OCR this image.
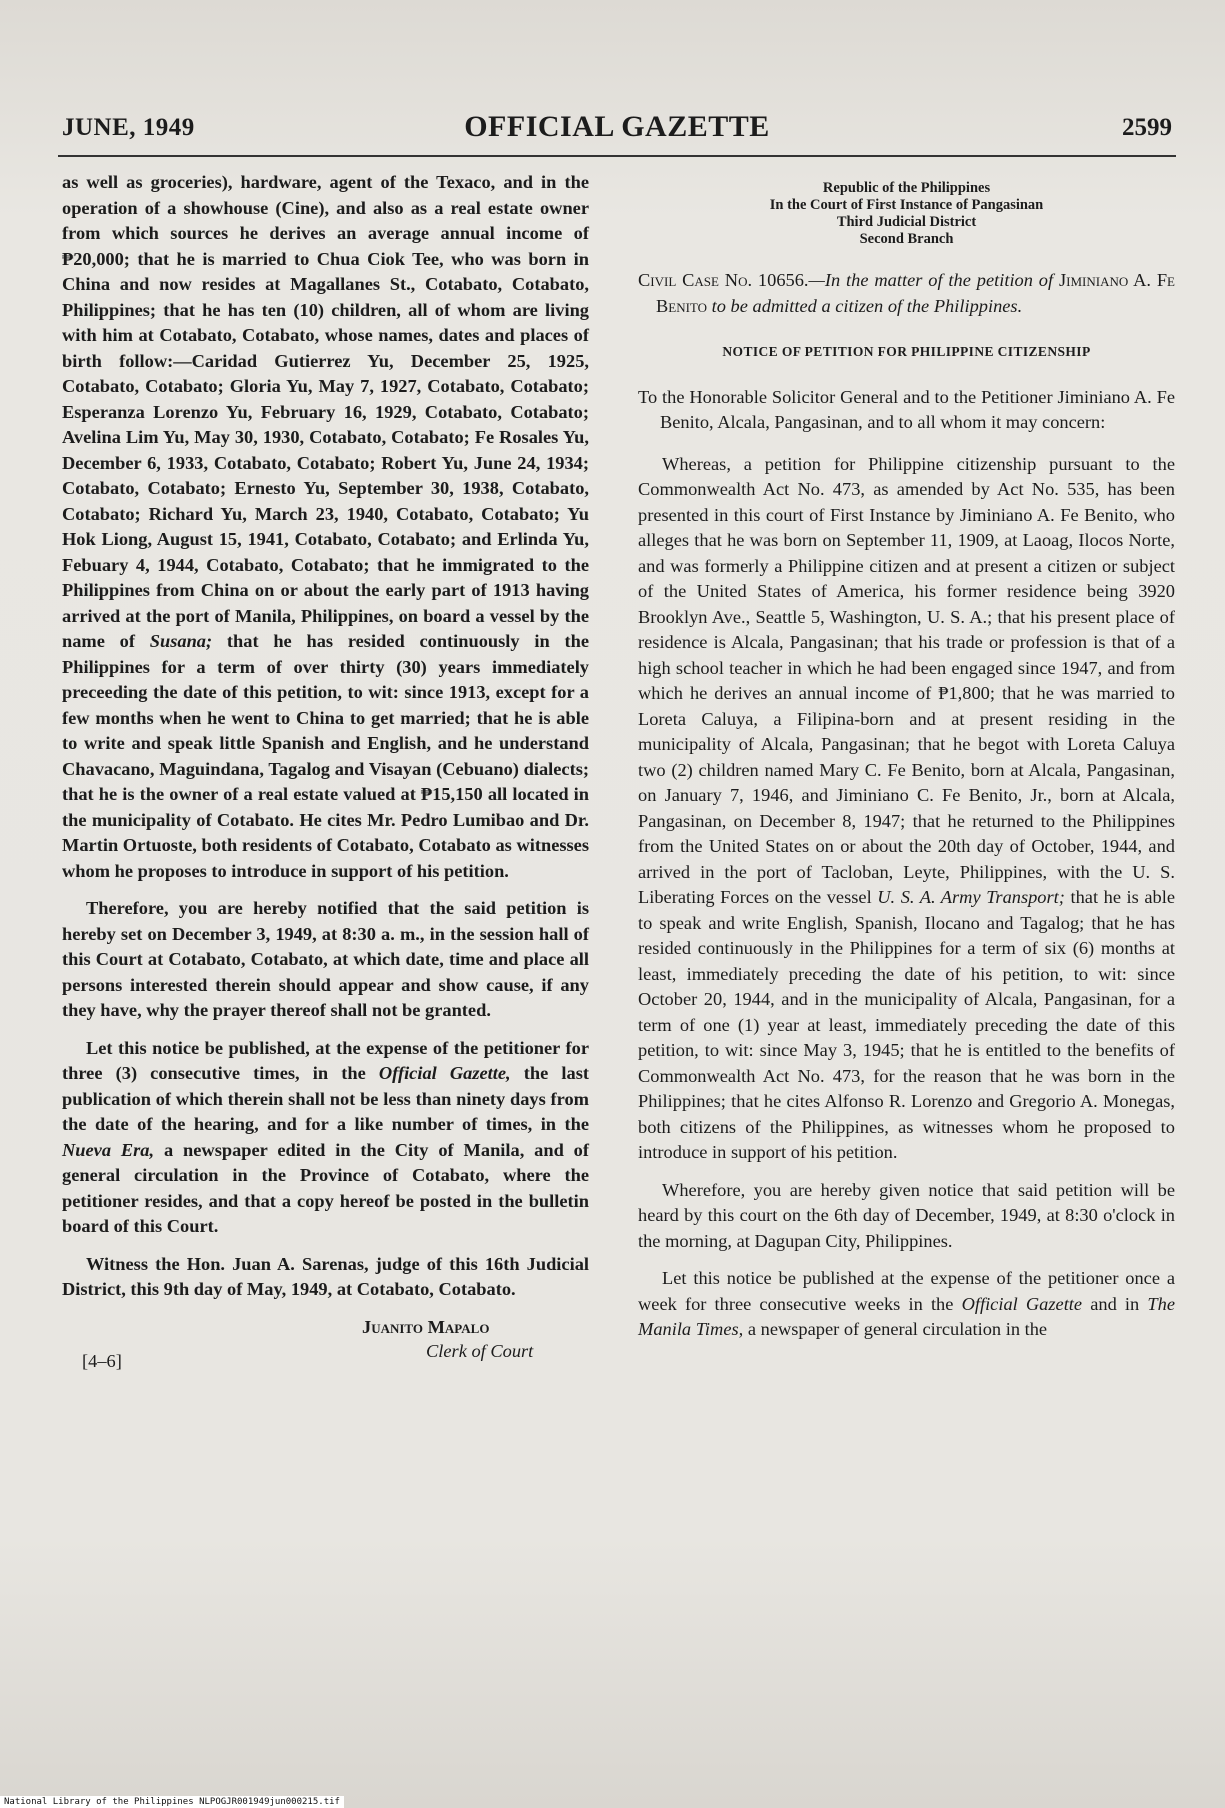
JUNE, 1949	OFFICIAL GAZETTE	2599

as well as groceries), hardware, agent of the Texaco, and in the operation of a showhouse (Cine), and also as a real estate owner from which sources he derives an average annual income of ₱20,000; that he is married to Chua Ciok Tee, who was born in China and now resides at Magallanes St., Cotabato, Cotabato, Philippines; that he has ten (10) children, all of whom are living with him at Cotabato, Cotabato, whose names, dates and places of birth follow:—Caridad Gutierrez Yu, December 25, 1925, Cotabato, Cotabato; Gloria Yu, May 7, 1927, Cotabato, Cotabato; Esperanza Lorenzo Yu, February 16, 1929, Cotabato, Cotabato; Avelina Lim Yu, May 30, 1930, Cotabato, Cotabato; Fe Rosales Yu, December 6, 1933, Cotabato, Cotabato; Robert Yu, June 24, 1934; Cotabato, Cotabato; Ernesto Yu, September 30, 1938, Cotabato, Cotabato; Richard Yu, March 23, 1940, Cotabato, Cotabato; Yu Hok Liong, August 15, 1941, Cotabato, Cotabato; and Erlinda Yu, Febuary 4, 1944, Cotabato, Cotabato; that he immigrated to the Philippines from China on or about the early part of 1913 having arrived at the port of Manila, Philippines, on board a vessel by the name of Susana; that he has resided continuously in the Philippines for a term of over thirty (30) years immediately preceeding the date of this petition, to wit: since 1913, except for a few months when he went to China to get married; that he is able to write and speak little Spanish and English, and he understand Chavacano, Maguindana, Tagalog and Visayan (Cebuano) dialects; that he is the owner of a real estate valued at ₱15,150 all located in the municipality of Cotabato. He cites Mr. Pedro Lumibao and Dr. Martin Ortuoste, both residents of Cotabato, Cotabato as witnesses whom he proposes to introduce in support of his petition.

Therefore, you are hereby notified that the said petition is hereby set on December 3, 1949, at 8:30 a. m., in the session hall of this Court at Cotabato, Cotabato, at which date, time and place all persons interested therein should appear and show cause, if any they have, why the prayer thereof shall not be granted.

Let this notice be published, at the expense of the petitioner for three (3) consecutive times, in the Official Gazette, the last publication of which therein shall not be less than ninety days from the date of the hearing, and for a like number of times, in the Nueva Era, a newspaper edited in the City of Manila, and of general circulation in the Province of Cotabato, where the petitioner resides, and that a copy hereof be posted in the bulletin board of this Court.

Witness the Hon. Juan A. Sarenas, judge of this 16th Judicial District, this 9th day of May, 1949, at Cotabato, Cotabato.

Juanito Mapalo
Clerk of Court
[4–6]
Republic of the Philippines
In the Court of First Instance of Pangasinan
Third Judicial District
Second Branch
Civil Case No. 10656.—In the matter of the petition of Jiminiano A. Fe Benito to be admitted a citizen of the Philippines.
NOTICE OF PETITION FOR PHILIPPINE CITIZENSHIP
To the Honorable Solicitor General and to the Petitioner Jiminiano A. Fe Benito, Alcala, Pangasinan, and to all whom it may concern:

Whereas, a petition for Philippine citizenship pursuant to the Commonwealth Act No. 473, as amended by Act No. 535, has been presented in this court of First Instance by Jiminiano A. Fe Benito, who alleges that he was born on September 11, 1909, at Laoag, Ilocos Norte, and was formerly a Philippine citizen and at present a citizen or subject of the United States of America, his former residence being 3920 Brooklyn Ave., Seattle 5, Washington, U. S. A.; that his present place of residence is Alcala, Pangasinan; that his trade or profession is that of a high school teacher in which he had been engaged since 1947, and from which he derives an annual income of ₱1,800; that he was married to Loreta Caluya, a Filipina-born and at present residing in the municipality of Alcala, Pangasinan; that he begot with Loreta Caluya two (2) children named Mary C. Fe Benito, born at Alcala, Pangasinan, on January 7, 1946, and Jiminiano C. Fe Benito, Jr., born at Alcala, Pangasinan, on December 8, 1947; that he returned to the Philippines from the United States on or about the 20th day of October, 1944, and arrived in the port of Tacloban, Leyte, Philippines, with the U. S. Liberating Forces on the vessel U. S. A. Army Transport; that he is able to speak and write English, Spanish, Ilocano and Tagalog; that he has resided continuously in the Philippines for a term of six (6) months at least, immediately preceding the date of his petition, to wit: since October 20, 1944, and in the municipality of Alcala, Pangasinan, for a term of one (1) year at least, immediately preceding the date of this petition, to wit: since May 3, 1945; that he is entitled to the benefits of Commonwealth Act No. 473, for the reason that he was born in the Philippines; that he cites Alfonso R. Lorenzo and Gregorio A. Monegas, both citizens of the Philippines, as witnesses whom he proposed to introduce in support of his petition.

Wherefore, you are hereby given notice that said petition will be heard by this court on the 6th day of December, 1949, at 8:30 o'clock in the morning, at Dagupan City, Philippines.

Let this notice be published at the expense of the petitioner once a week for three consecutive weeks in the Official Gazette and in The Manila Times, a newspaper of general circulation in the

National Library of the Philippines NLPOGJR001949jun000215.tif
